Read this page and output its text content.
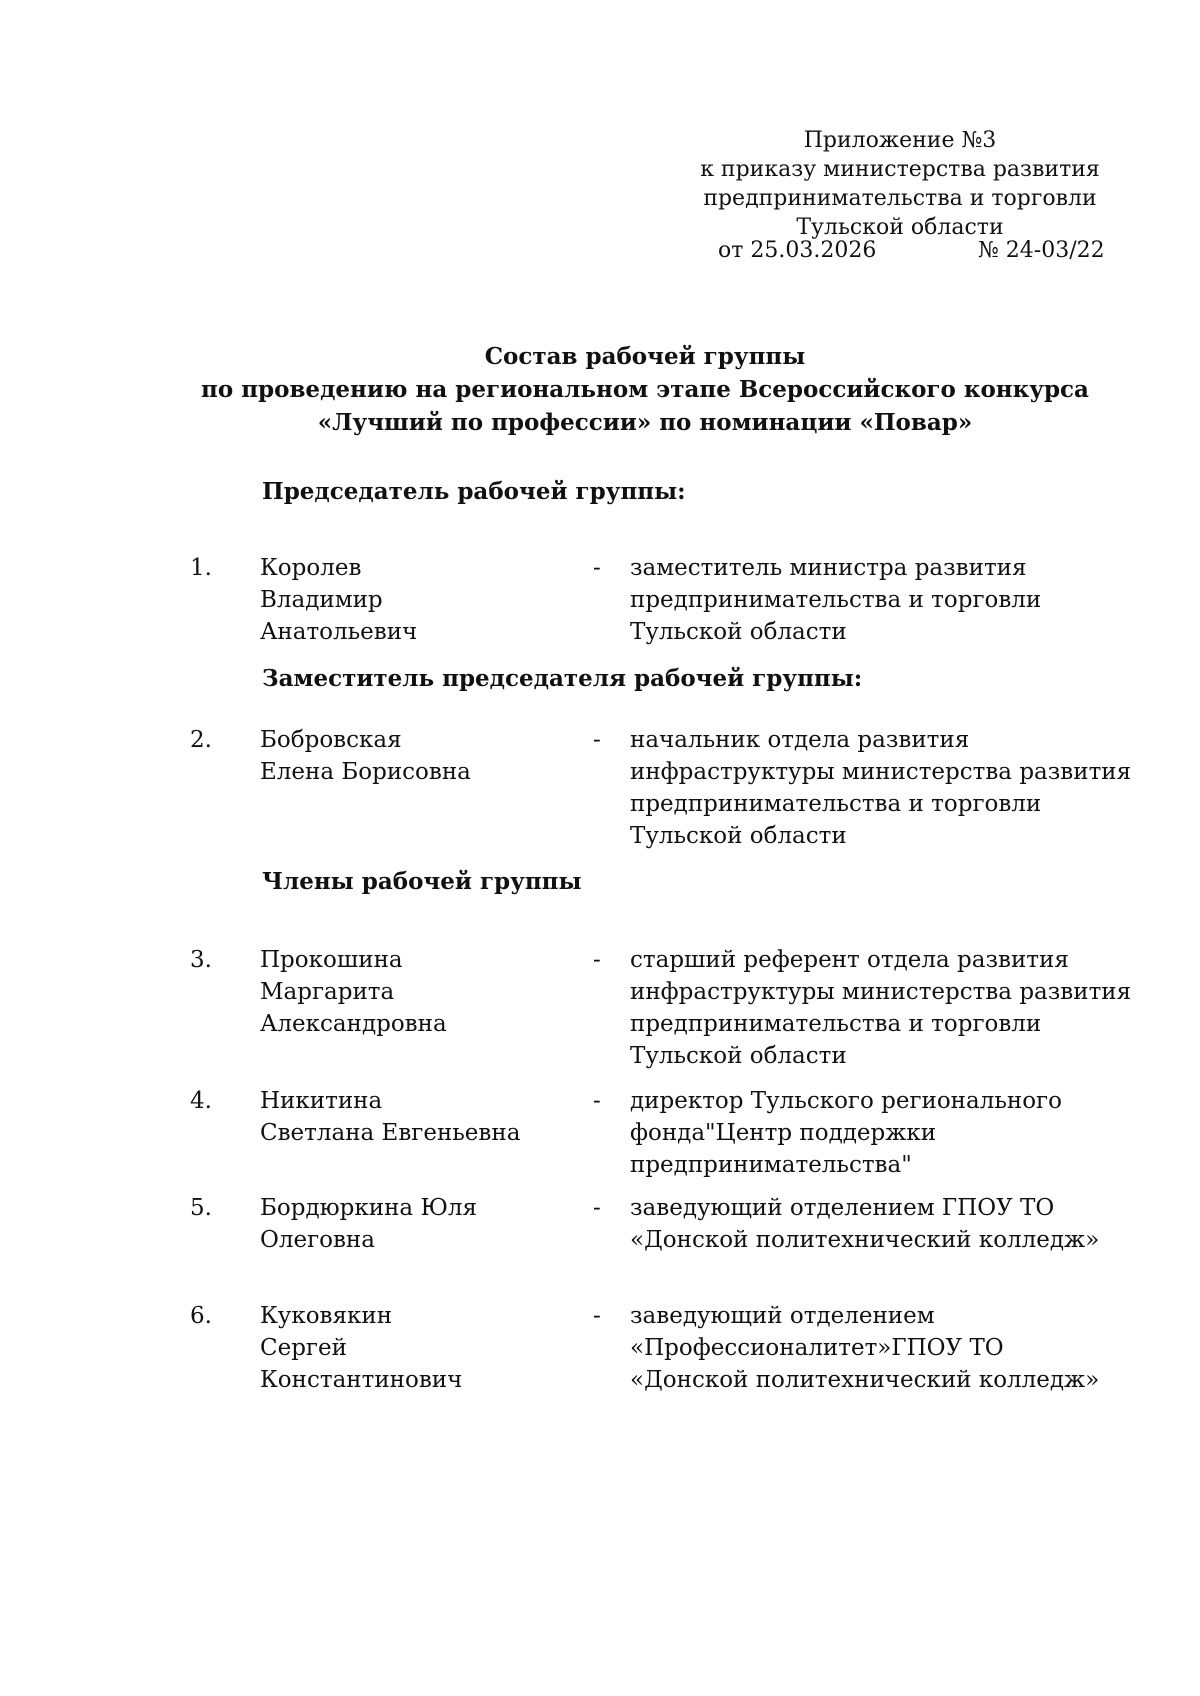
Приложение №3
к приказу министерства развития
предпринимательства и торговли
Тульской области
от 25.03.2026	№ 24-03/22
Состав рабочей группы
по проведению на региональном этапе Всероссийского конкурса
«Лучший по профессии» по номинации «Повар»
Председатель рабочей группы:
1. Королев
Владимир
Анатольевич
- заместитель министра развития
предпринимательства и торговли
Тульской области
Заместитель председателя рабочей группы:
2. Бобровская
Елена Борисовна
- начальник отдела развития
инфраструктуры министерства развития
предпринимательства и торговли
Тульской области
Члены рабочей группы
3. Прокошина
Маргарита
Александровна
- старший референт отдела развития
инфраструктуры министерства развития
предпринимательства и торговли
Тульской области
4. Никитина
Светлана Евгеньевна
- директор Тульского регионального
фонда"Центр поддержки
предпринимательства"
5. Бордюркина Юля
Олеговна
- заведующий отделением ГПОУ ТО
«Донской политехнический колледж»
6. Куковякин
Сергей
Константинович
- заведующий отделением
«Профессионалитет»ГПОУ ТО
«Донской политехнический колледж»
